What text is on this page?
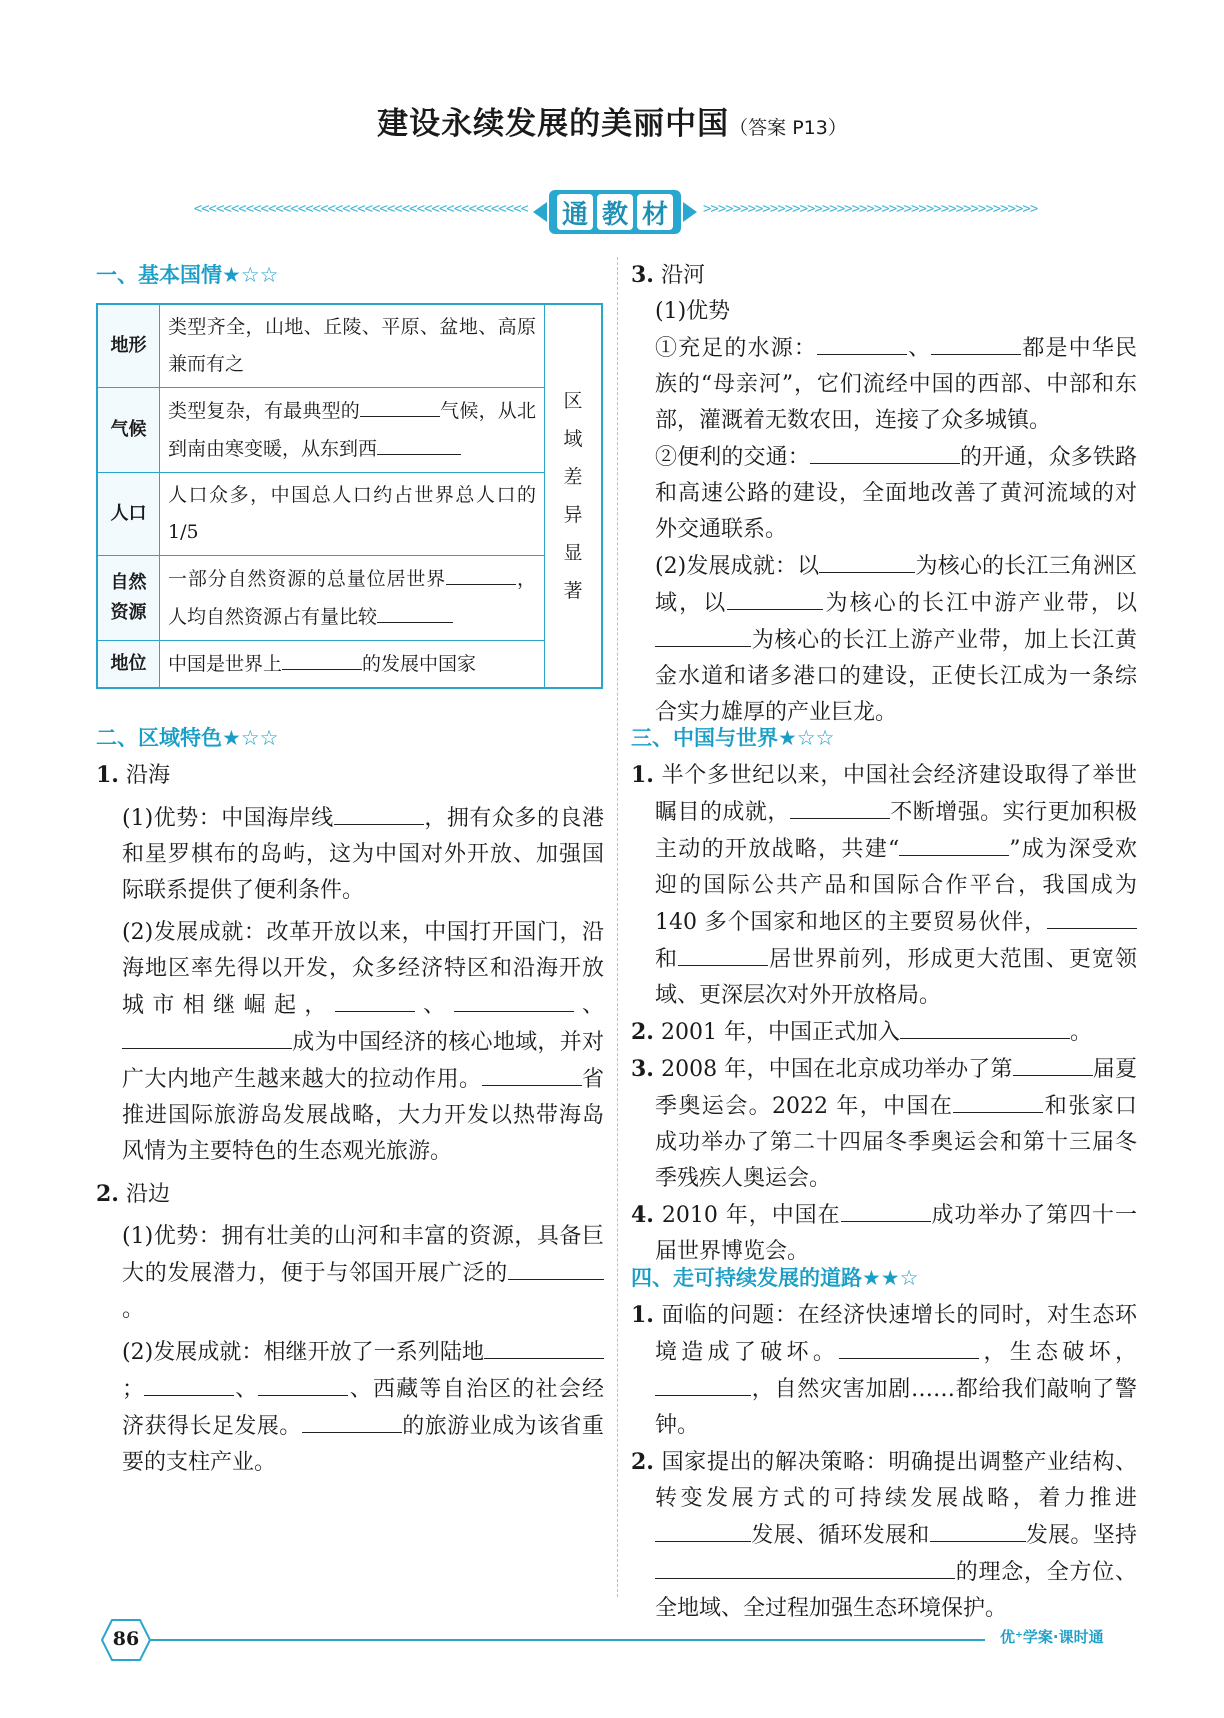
建设永续发展的美丽中国（答案 P13）
<<<<<<<<<<<<<<<<<<<<<<<<<<<<<<<<<<<<<<<<<<<<< 通 教 材	>>>>>>>>>>>>>>>>>>>>>>>>>>>>>>>>>>>>>>>>>>>>>
一、基本国情★☆☆
地形	类型齐全，山地、丘陵、平原、盆地、高原兼而有之	区域差异显著

气候	类型复杂，有最典型的 气候，从北到南由寒变暖，从东到西	
人口	人口众多，中国总人口约占世界总人口的 1/5	
自然资源	一部分自然资源的总量位居世界 ，人均自然资源占有量比较	
地位	中国是世界上 的发展中国家	
二、区域特色★☆☆

1. 沿海

(1)优势：中国海岸线	，拥有众多的良港和星罗棋布的岛屿，这为中国对外开放、加强国际联系提供了便利条件。

(2)发展成就：改革开放以来，中国打开国门，沿海地区率先得以开发，众多经济特区和沿海开放城市相继崛起，	、	、成为中国经济的核心地域，并对广大内地产生越来越大的拉动作用。	省推进国际旅游岛发展战略，大力开发以热带海岛风情为主要特色的生态观光旅游。

2. 沿边

(1)优势：拥有壮美的山河和丰富的资源，具备巨大的发展潜力，便于与邻国开展广泛的。

(2)发展成就：相继开放了一系列陆地；	、	、西藏等自治区的社会经济获得长足发展。	的旅游业成为该省重要的支柱产业。

3. 沿河

(1)优势

①充足的水源：	、	都是中华民族的“母亲河”，它们流经中国的西部、中部和东部，灌溉着无数农田，连接了众多城镇。

②便利的交通：	的开通，众多铁路和高速公路的建设，全面地改善了黄河流域的对外交通联系。

(2)发展成就：以	为核心的长江三角洲区域，以	为核心的长江中游产业带，以为核心的长江上游产业带，加上长江黄金水道和诸多港口的建设，正使长江成为一条综合实力雄厚的产业巨龙。

三、中国与世界★☆☆

1. 半个多世纪以来，中国社会经济建设取得了举世瞩目的成就，	不断增强。实行更加积极主动的开放战略，共建“	”成为深受欢迎的国际公共产品和国际合作平台，我国成为 140 多个国家和地区的主要贸易伙伴，和	居世界前列，形成更大范围、更宽领域、更深层次对外开放格局。

2. 2001 年，中国正式加入	。

3. 2008 年，中国在北京成功举办了第	届夏季奥运会。2022 年，中国在	和张家口成功举办了第二十四届冬季奥运会和第十三届冬季残疾人奥运会。

4. 2010 年，中国在	成功举办了第四十一届世界博览会。

四、走可持续发展的道路★★☆

1. 面临的问题：在经济快速增长的同时，对生态环境造成了破坏。	，生态破坏，，自然灾害加剧……都给我们敲响了警钟。

2. 国家提出的解决策略：明确提出调整产业结构、转变发展方式的可持续发展战略，着力推进发展、循环发展和	发展。坚持的理念，全方位、全地域、全过程加强生态环境保护。

86	优⁺学案·课时通
